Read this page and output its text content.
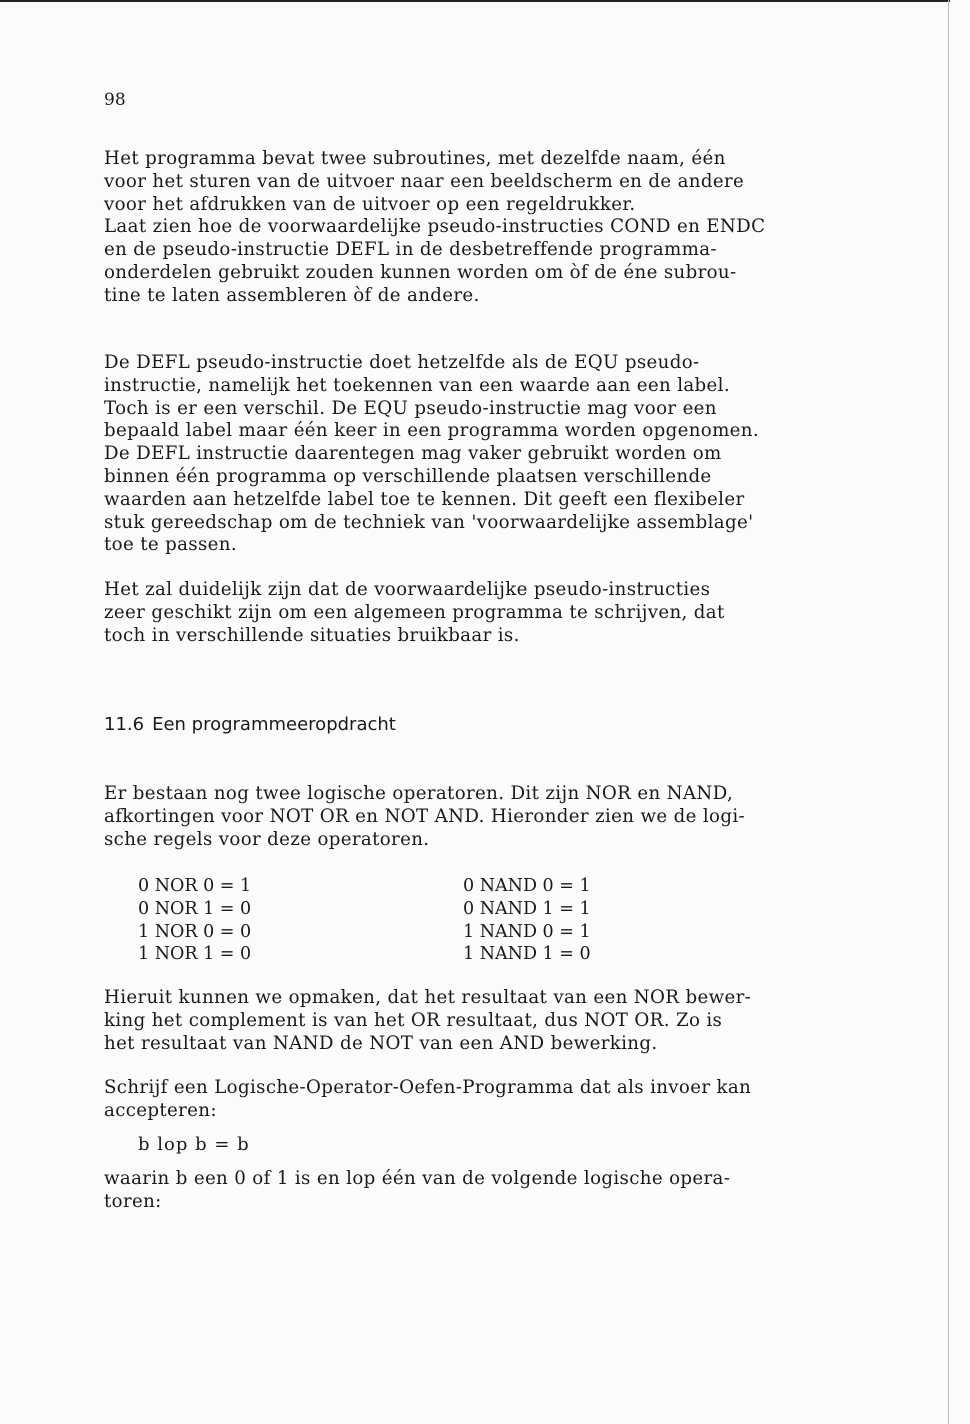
98

Het programma bevat twee subroutines, met dezelfde naam, één
voor het sturen van de uitvoer naar een beeldscherm en de andere
voor het afdrukken van de uitvoer op een regeldrukker.
Laat zien hoe de voorwaardelijke pseudo-instructies COND en ENDC
en de pseudo-instructie DEFL in de desbetreffende programma-
onderdelen gebruikt zouden kunnen worden om òf de éne subrou-
tine te laten assembleren òf de andere.

De DEFL pseudo-instructie doet hetzelfde als de EQU pseudo-
instructie, namelijk het toekennen van een waarde aan een label.
Toch is er een verschil. De EQU pseudo-instructie mag voor een
bepaald label maar één keer in een programma worden opgenomen.
De DEFL instructie daarentegen mag vaker gebruikt worden om
binnen één programma op verschillende plaatsen verschillende
waarden aan hetzelfde label toe te kennen. Dit geeft een flexibeler
stuk gereedschap om de techniek van 'voorwaardelijke assemblage'
toe te passen.

Het zal duidelijk zijn dat de voorwaardelijke pseudo-instructies
zeer geschikt zijn om een algemeen programma te schrijven, dat
toch in verschillende situaties bruikbaar is.

11.6 Een programmeeropdracht

Er bestaan nog twee logische operatoren. Dit zijn NOR en NAND,
afkortingen voor NOT OR en NOT AND. Hieronder zien we de logi-
sche regels voor deze operatoren.

0 NOR 0 = 1
0 NOR 1 = 0
1 NOR 0 = 0
1 NOR 1 = 0
0 NAND 0 = 1
0 NAND 1 = 1
1 NAND 0 = 1
1 NAND 1 = 0

Hieruit kunnen we opmaken, dat het resultaat van een NOR bewer-
king het complement is van het OR resultaat, dus NOT OR. Zo is
het resultaat van NAND de NOT van een AND bewerking.

Schrijf een Logische-Operator-Oefen-Programma dat als invoer kan
accepteren:

b lop b = b

waarin b een 0 of 1 is en lop één van de volgende logische opera-
toren:
